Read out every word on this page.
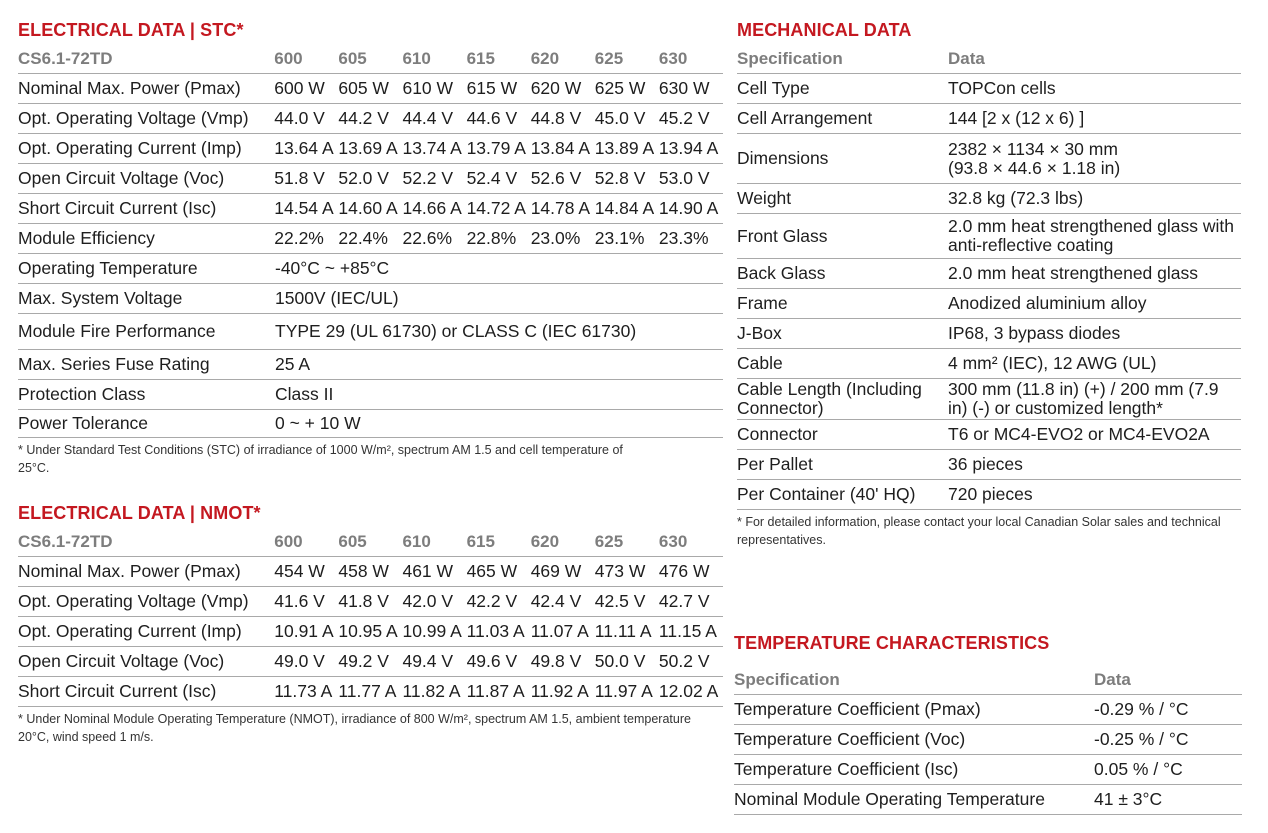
ELECTRICAL DATA | STC*
CS6.1-72TD	600	605	610	615	620	625	630
Nominal Max. Power (Pmax)	600 W 605 W 610 W 615 W 620 W 625 W 630 W
Opt. Operating Voltage (Vmp)	44.0 V 44.2 V 44.4 V 44.6 V 44.8 V 45.0 V 45.2 V
Opt. Operating Current (Imp)	13.64 A 13.69 A 13.74 A 13.79 A 13.84 A 13.89 A 13.94 A
Open Circuit Voltage (Voc)	51.8 V 52.0 V 52.2 V 52.4 V 52.6 V 52.8 V 53.0 V
Short Circuit Current (Isc)	14.54 A 14.60 A 14.66 A 14.72 A 14.78 A 14.84 A 14.90 A
Module Efficiency	22.2% 22.4% 22.6% 22.8% 23.0% 23.1% 23.3%
Operating Temperature	-40°C ~ +85°C
Max. System Voltage	1500V (IEC/UL)
Module Fire Performance	TYPE 29 (UL 61730) or CLASS C (IEC 61730)
Max. Series Fuse Rating	25 A
Protection Class	Class II
Power Tolerance	0 ~ + 10 W
* Under Standard Test Conditions (STC) of irradiance of 1000 W/m², spectrum AM 1.5 and cell temperature of 25°C.
ELECTRICAL DATA | NMOT*
CS6.1-72TD	600	605	610	615	620	625	630
Nominal Max. Power (Pmax)	454 W 458 W 461 W 465 W 469 W 473 W 476 W
Opt. Operating Voltage (Vmp)	41.6 V 41.8 V 42.0 V 42.2 V 42.4 V 42.5 V 42.7 V
Opt. Operating Current (Imp)	10.91 A 10.95 A 10.99 A 11.03 A 11.07 A 11.11 A 11.15 A
Open Circuit Voltage (Voc)	49.0 V 49.2 V 49.4 V 49.6 V 49.8 V 50.0 V 50.2 V
Short Circuit Current (Isc)	11.73 A 11.77 A 11.82 A 11.87 A 11.92 A 11.97 A 12.02 A
* Under Nominal Module Operating Temperature (NMOT), irradiance of 800 W/m², spectrum AM 1.5, ambient temperature 20°C, wind speed 1 m/s.
MECHANICAL DATA
Specification	Data
Cell Type	TOPCon cells
Cell Arrangement	144 [2 x (12 x 6) ]
Dimensions	2382 × 1134 × 30 mm
(93.8 × 44.6 × 1.18 in)
Weight	32.8 kg (72.3 lbs)
Front Glass	2.0 mm heat strengthened glass with anti-reflective coating
Back Glass	2.0 mm heat strengthened glass
Frame	Anodized aluminium alloy
J-Box	IP68, 3 bypass diodes
Cable	4 mm² (IEC), 12 AWG (UL)
Cable Length (Including Connector)
300 mm (11.8 in) (+) / 200 mm (7.9 in) (-) or customized length*
Connector	T6 or MC4-EVO2 or MC4-EVO2A
Per Pallet	36 pieces
Per Container (40' HQ)	720 pieces
* For detailed information, please contact your local Canadian Solar sales and technical representatives.
TEMPERATURE CHARACTERISTICS
Specification	Data
Temperature Coefficient (Pmax)	-0.29 % / °C
Temperature Coefficient (Voc)	-0.25 % / °C
Temperature Coefficient (Isc)	0.05 % / °C
Nominal Module Operating Temperature	41 ± 3°C
